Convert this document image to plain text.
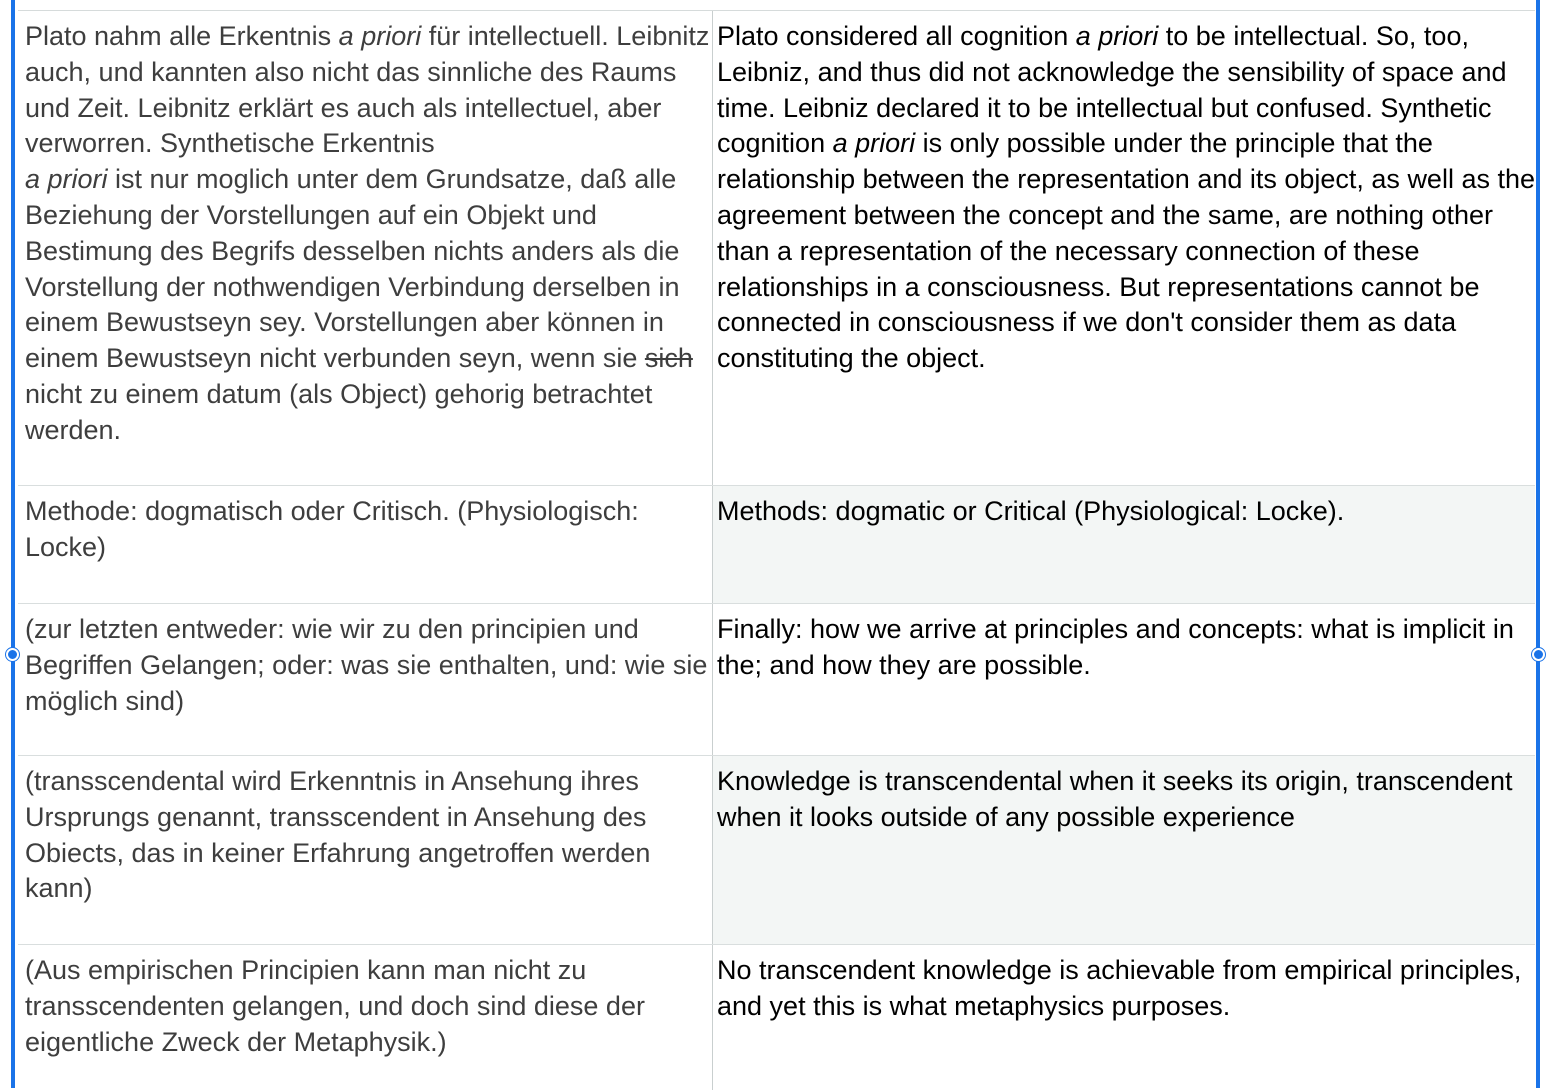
Plato nahm alle Erkentnis a priori für intellectuell. Leibnitz auch, und kannten also nicht das sinnliche des Raums und Zeit. Leibnitz erklärt es auch als intellectuel, aber verworren. Synthetische Erkentnis
a priori ist nur moglich unter dem Grundsatze, daß alle Beziehung der Vorstellungen auf ein Objekt und Bestimung des Begrifs desselben nichts anders als die Vorstellung der nothwendigen Verbindung derselben in einem Bewustseyn sey. Vorstellungen aber können in einem Bewustseyn nicht verbunden seyn, wenn sie sich nicht zu einem datum (als Object) gehorig betrachtet werden.
Plato considered all cognition a priori to be intellectual. So, too, Leibniz, and thus did not acknowledge the sensibility of space and time. Leibniz declared it to be intellectual but confused. Synthetic cognition a priori is only possible under the principle that the relationship between the representation and its object, as well as the agreement between the concept and the same, are nothing other than a representation of the necessary connection of these relationships in a consciousness. But representations cannot be connected in consciousness if we don't consider them as data constituting the object.
Methode: dogmatisch oder Critisch. (Physiologisch: Locke)
Methods: dogmatic or Critical (Physiological: Locke).
(zur letzten entweder: wie wir zu den principien und Begriffen Gelangen; oder: was sie enthalten, und: wie sie möglich sind)
Finally: how we arrive at principles and concepts: what is implicit in the; and how they are possible.
(transscendental wird Erkenntnis in Ansehung ihres Ursprungs genannt, transscendent in Ansehung des Obiects, das in keiner Erfahrung angetroffen werden kann)
Knowledge is transcendental when it seeks its origin, transcendent when it looks outside of any possible experience
(Aus empirischen Principien kann man nicht zu transscendenten gelangen, und doch sind diese der eigentliche Zweck der Metaphysik.)
No transcendent knowledge is achievable from empirical principles, and yet this is what metaphysics purposes.
